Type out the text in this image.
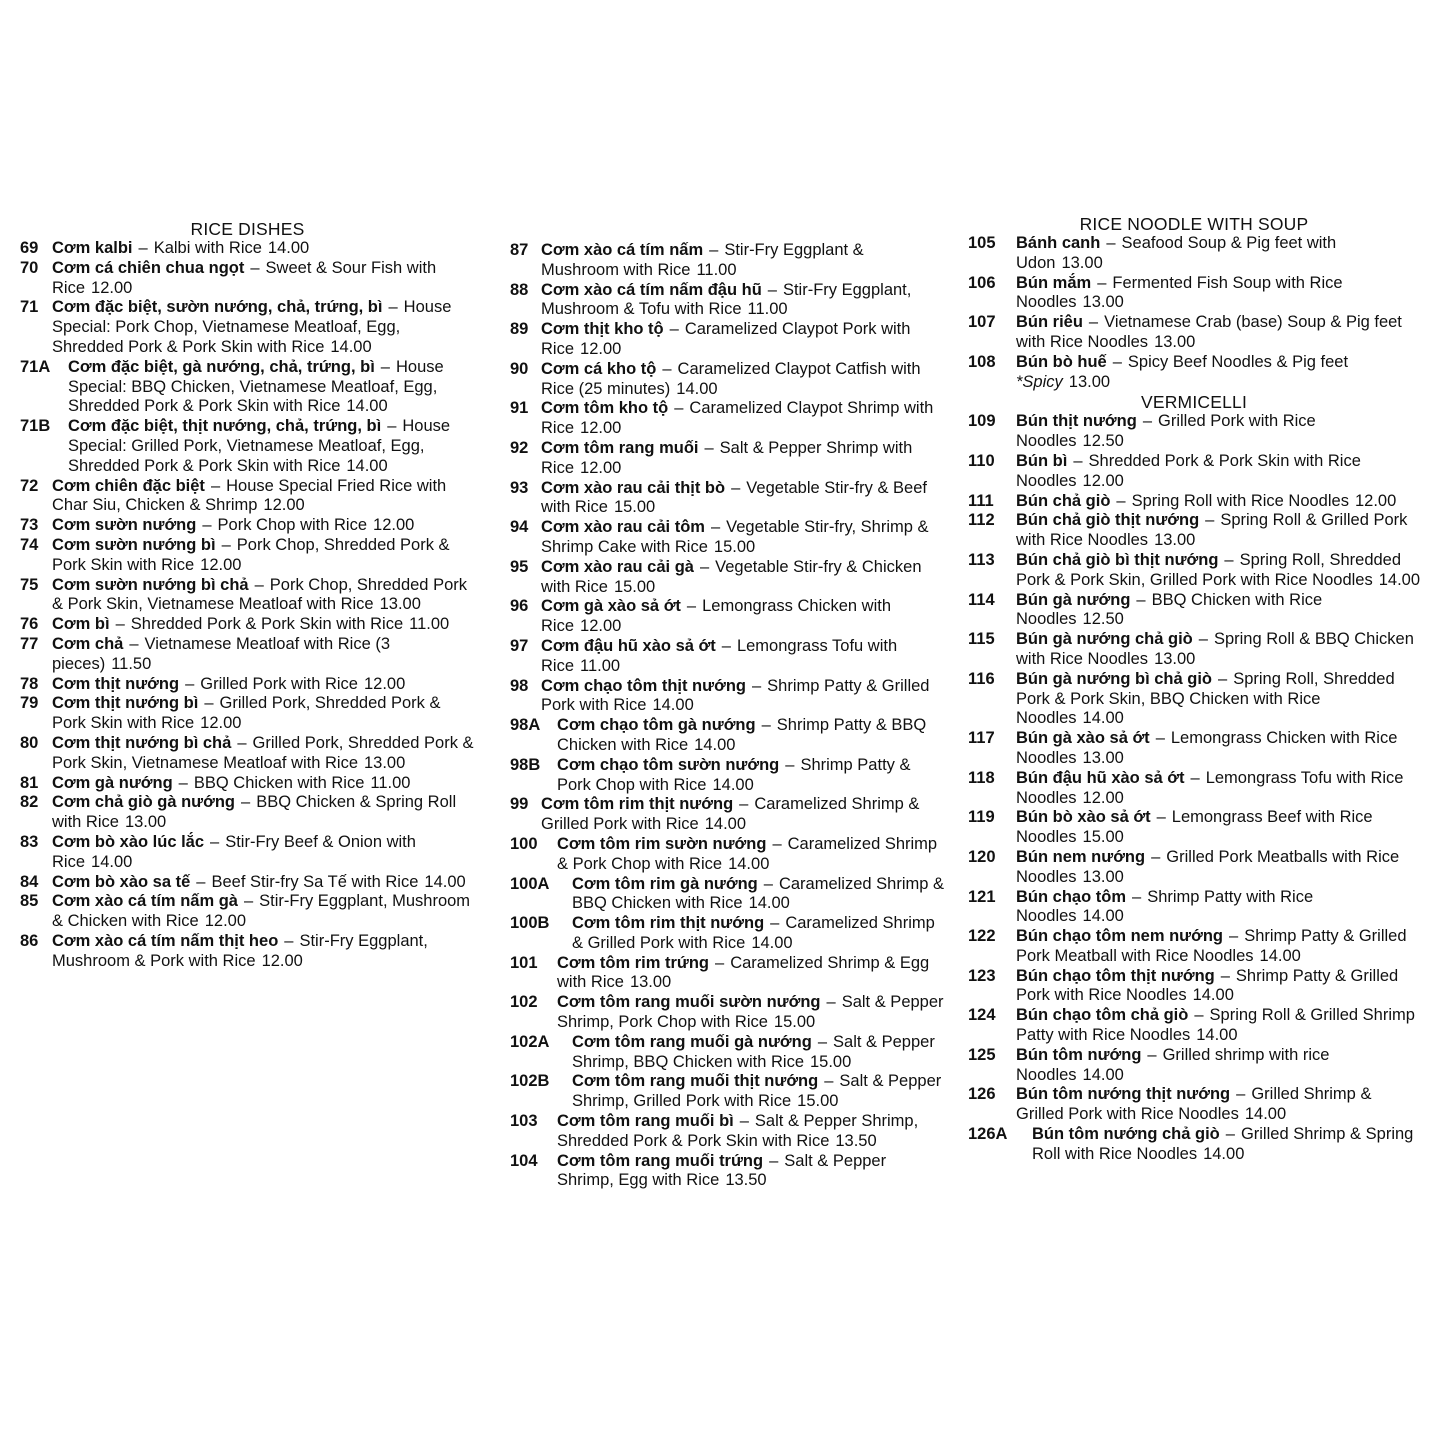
RICE DISHES
69 Cơm kalbi – Kalbi with Rice 14.00
70 Cơm cá chiên chua ngọt – Sweet & Sour Fish with Rice 12.00
71 Cơm đặc biệt, sườn nướng, chả, trứng, bì – House Special: Pork Chop, Vietnamese Meatloaf, Egg, Shredded Pork & Pork Skin with Rice 14.00
71A Cơm đặc biệt, gà nướng, chả, trứng, bì – House Special: BBQ Chicken, Vietnamese Meatloaf, Egg, Shredded Pork & Pork Skin with Rice 14.00
71B Cơm đặc biệt, thịt nướng, chả, trứng, bì – House Special: Grilled Pork, Vietnamese Meatloaf, Egg, Shredded Pork & Pork Skin with Rice 14.00
72 Cơm chiên đặc biệt – House Special Fried Rice with Char Siu, Chicken & Shrimp 12.00
73 Cơm sườn nướng – Pork Chop with Rice 12.00
74 Cơm sườn nướng bì – Pork Chop, Shredded Pork & Pork Skin with Rice 12.00
75 Cơm sườn nướng bì chả – Pork Chop, Shredded Pork & Pork Skin, Vietnamese Meatloaf with Rice 13.00
76 Cơm bì – Shredded Pork & Pork Skin with Rice 11.00
77 Cơm chả – Vietnamese Meatloaf with Rice (3 pieces) 11.50
78 Cơm thịt nướng – Grilled Pork with Rice 12.00
79 Cơm thịt nướng bì – Grilled Pork, Shredded Pork & Pork Skin with Rice 12.00
80 Cơm thịt nướng bì chả – Grilled Pork, Shredded Pork & Pork Skin, Vietnamese Meatloaf with Rice 13.00
81 Cơm gà nướng – BBQ Chicken with Rice 11.00
82 Cơm chả giò gà nướng – BBQ Chicken & Spring Roll with Rice 13.00
83 Cơm bò xào lúc lắc – Stir-Fry Beef & Onion with Rice 14.00
84 Cơm bò xào sa tế – Beef Stir-fry Sa Tế with Rice 14.00
85 Cơm xào cá tím nấm gà – Stir-Fry Eggplant, Mushroom & Chicken with Rice 12.00
86 Cơm xào cá tím nấm thịt heo – Stir-Fry Eggplant, Mushroom & Pork with Rice 12.00
87 Cơm xào cá tím nấm – Stir-Fry Eggplant & Mushroom with Rice 11.00
88 Cơm xào cá tím nấm đậu hũ – Stir-Fry Eggplant, Mushroom & Tofu with Rice 11.00
89 Cơm thịt kho tộ – Caramelized Claypot Pork with Rice 12.00
90 Cơm cá kho tộ – Caramelized Claypot Catfish with Rice (25 minutes) 14.00
91 Cơm tôm kho tộ – Caramelized Claypot Shrimp with Rice 12.00
92 Cơm tôm rang muối – Salt & Pepper Shrimp with Rice 12.00
93 Cơm xào rau cải thịt bò – Vegetable Stir-fry & Beef with Rice 15.00
94 Cơm xào rau cải tôm – Vegetable Stir-fry, Shrimp & Shrimp Cake with Rice 15.00
95 Cơm xào rau cải gà – Vegetable Stir-fry & Chicken with Rice 15.00
96 Cơm gà xào sả ớt – Lemongrass Chicken with Rice 12.00
97 Cơm đậu hũ xào sả ớt – Lemongrass Tofu with Rice 11.00
98 Cơm chạo tôm thịt nướng – Shrimp Patty & Grilled Pork with Rice 14.00
98A Cơm chạo tôm gà nướng – Shrimp Patty & BBQ Chicken with Rice 14.00
98B Cơm chạo tôm sườn nướng – Shrimp Patty & Pork Chop with Rice 14.00
99 Cơm tôm rim thịt nướng – Caramelized Shrimp & Grilled Pork with Rice 14.00
100 Cơm tôm rim sườn nướng – Caramelized Shrimp & Pork Chop with Rice 14.00
100A Cơm tôm rim gà nướng – Caramelized Shrimp & BBQ Chicken with Rice 14.00
100B Cơm tôm rim thịt nướng – Caramelized Shrimp & Grilled Pork with Rice 14.00
101 Cơm tôm rim trứng – Caramelized Shrimp & Egg with Rice 13.00
102 Cơm tôm rang muối sườn nướng – Salt & Pepper Shrimp, Pork Chop with Rice 15.00
102A Cơm tôm rang muối gà nướng – Salt & Pepper Shrimp, BBQ Chicken with Rice 15.00
102B Cơm tôm rang muối thịt nướng – Salt & Pepper Shrimp, Grilled Pork with Rice 15.00
103 Cơm tôm rang muối bì – Salt & Pepper Shrimp, Shredded Pork & Pork Skin with Rice 13.50
104 Cơm tôm rang muối trứng – Salt & Pepper Shrimp, Egg with Rice 13.50
RICE NOODLE WITH SOUP
105 Bánh canh – Seafood Soup & Pig feet with Udon 13.00
106 Bún mắm – Fermented Fish Soup with Rice Noodles 13.00
107 Bún riêu – Vietnamese Crab (base) Soup & Pig feet with Rice Noodles 13.00
108 Bún bò huế – Spicy Beef Noodles & Pig feet *Spicy 13.00
VERMICELLI
109 Bún thịt nướng – Grilled Pork with Rice Noodles 12.50
110 Bún bì – Shredded Pork & Pork Skin with Rice Noodles 12.00
111 Bún chả giò – Spring Roll with Rice Noodles 12.00
112 Bún chả giò thịt nướng – Spring Roll & Grilled Pork with Rice Noodles 13.00
113 Bún chả giò bì thịt nướng – Spring Roll, Shredded Pork & Pork Skin, Grilled Pork with Rice Noodles 14.00
114 Bún gà nướng – BBQ Chicken with Rice Noodles 12.50
115 Bún gà nướng chả giò – Spring Roll & BBQ Chicken with Rice Noodles 13.00
116 Bún gà nướng bì chả giò – Spring Roll, Shredded Pork & Pork Skin, BBQ Chicken with Rice Noodles 14.00
117 Bún gà xào sả ớt – Lemongrass Chicken with Rice Noodles 13.00
118 Bún đậu hũ xào sả ớt – Lemongrass Tofu with Rice Noodles 12.00
119 Bún bò xào sả ớt – Lemongrass Beef with Rice Noodles 15.00
120 Bún nem nướng – Grilled Pork Meatballs with Rice Noodles 13.00
121 Bún chạo tôm – Shrimp Patty with Rice Noodles 14.00
122 Bún chạo tôm nem nướng – Shrimp Patty & Grilled Pork Meatball with Rice Noodles 14.00
123 Bún chạo tôm thịt nướng – Shrimp Patty & Grilled Pork with Rice Noodles 14.00
124 Bún chạo tôm chả giò – Spring Roll & Grilled Shrimp Patty with Rice Noodles 14.00
125 Bún tôm nướng – Grilled shrimp with rice Noodles 14.00
126 Bún tôm nướng thịt nướng – Grilled Shrimp & Grilled Pork with Rice Noodles 14.00
126A Bún tôm nướng chả giò – Grilled Shrimp & Spring Roll with Rice Noodles 14.00
